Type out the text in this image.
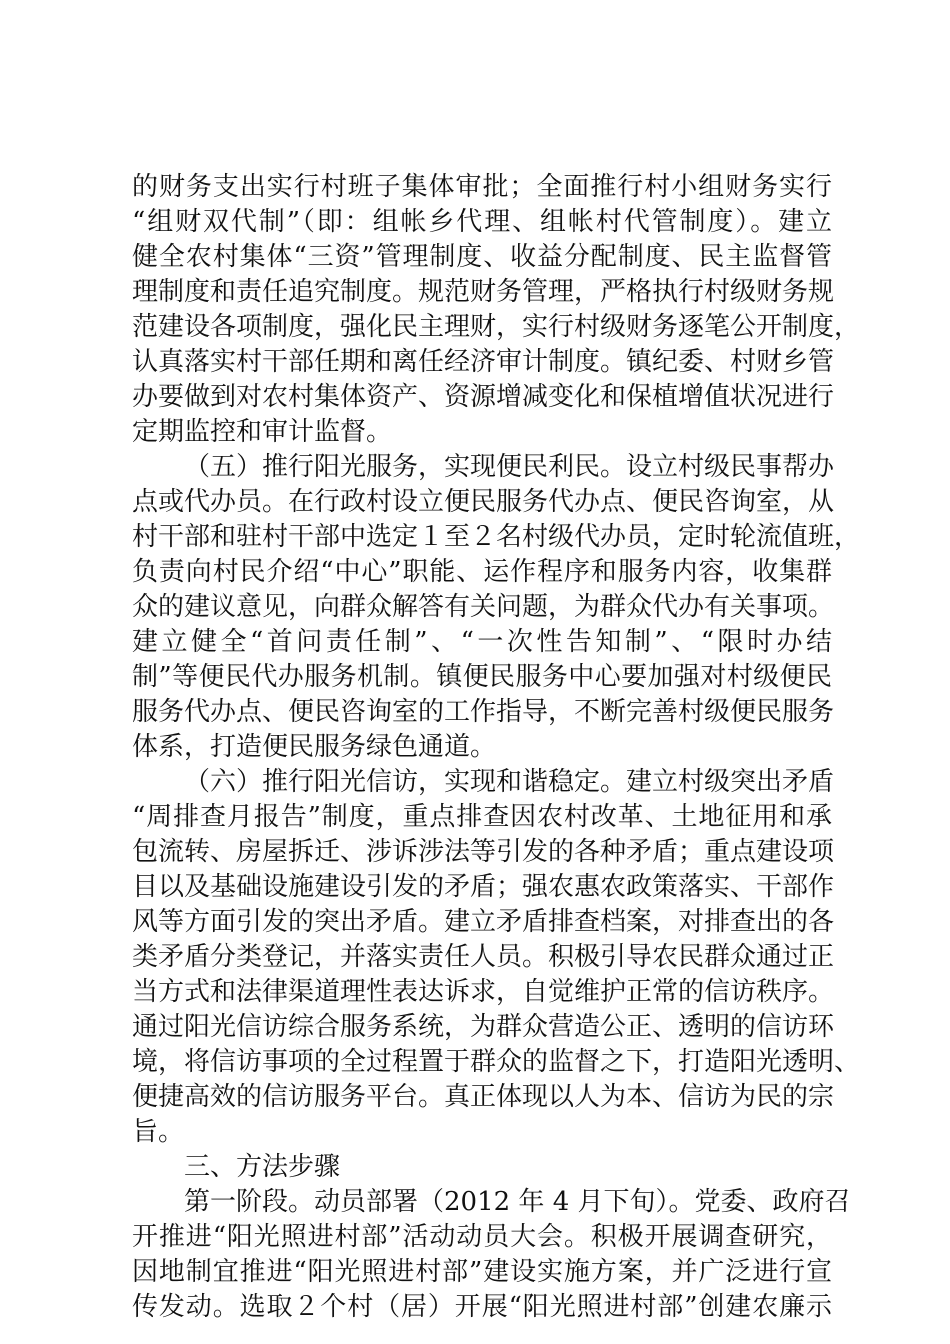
的财务支出实行村班子集体审批；全面推行村小组财务实行
“组财双代制”（即：组帐乡代理、组帐村代管制度）。建立
健全农村集体“三资”管理制度、收益分配制度、民主监督管
理制度和责任追究制度。规范财务管理，严格执行村级财务规
范建设各项制度，强化民主理财，实行村级财务逐笔公开制度，
认真落实村干部任期和离任经济审计制度。镇纪委、村财乡管
办要做到对农村集体资产、资源增减变化和保植增值状况进行
定期监控和审计监督。
（五）推行阳光服务，实现便民利民。设立村级民事帮办
点或代办员。在行政村设立便民服务代办点、便民咨询室，从
村干部和驻村干部中选定１至２名村级代办员，定时轮流值班，
负责向村民介绍“中心”职能、运作程序和服务内容，收集群
众的建议意见，向群众解答有关问题，为群众代办有关事项。
建立健全“首问责任制”、“一次性告知制”、“限时办结
制”等便民代办服务机制。镇便民服务中心要加强对村级便民
服务代办点、便民咨询室的工作指导，不断完善村级便民服务
体系，打造便民服务绿色通道。
（六）推行阳光信访，实现和谐稳定。建立村级突出矛盾
“周排查月报告”制度，重点排查因农村改革、土地征用和承
包流转、房屋拆迁、涉诉涉法等引发的各种矛盾；重点建设项
目以及基础设施建设引发的矛盾；强农惠农政策落实、干部作
风等方面引发的突出矛盾。建立矛盾排查档案，对排查出的各
类矛盾分类登记，并落实责任人员。积极引导农民群众通过正
当方式和法律渠道理性表达诉求，自觉维护正常的信访秩序。
通过阳光信访综合服务系统，为群众营造公正、透明的信访环
境，将信访事项的全过程置于群众的监督之下，打造阳光透明、
便捷高效的信访服务平台。真正体现以人为本、信访为民的宗
旨。
三、方法步骤
第一阶段。动员部署（2012 年 4 月下旬）。党委、政府召
开推进“阳光照进村部”活动动员大会。积极开展调查研究，
因地制宜推进“阳光照进村部”建设实施方案，并广泛进行宣
传发动。选取２个村（居）开展“阳光照进村部”创建农廉示
